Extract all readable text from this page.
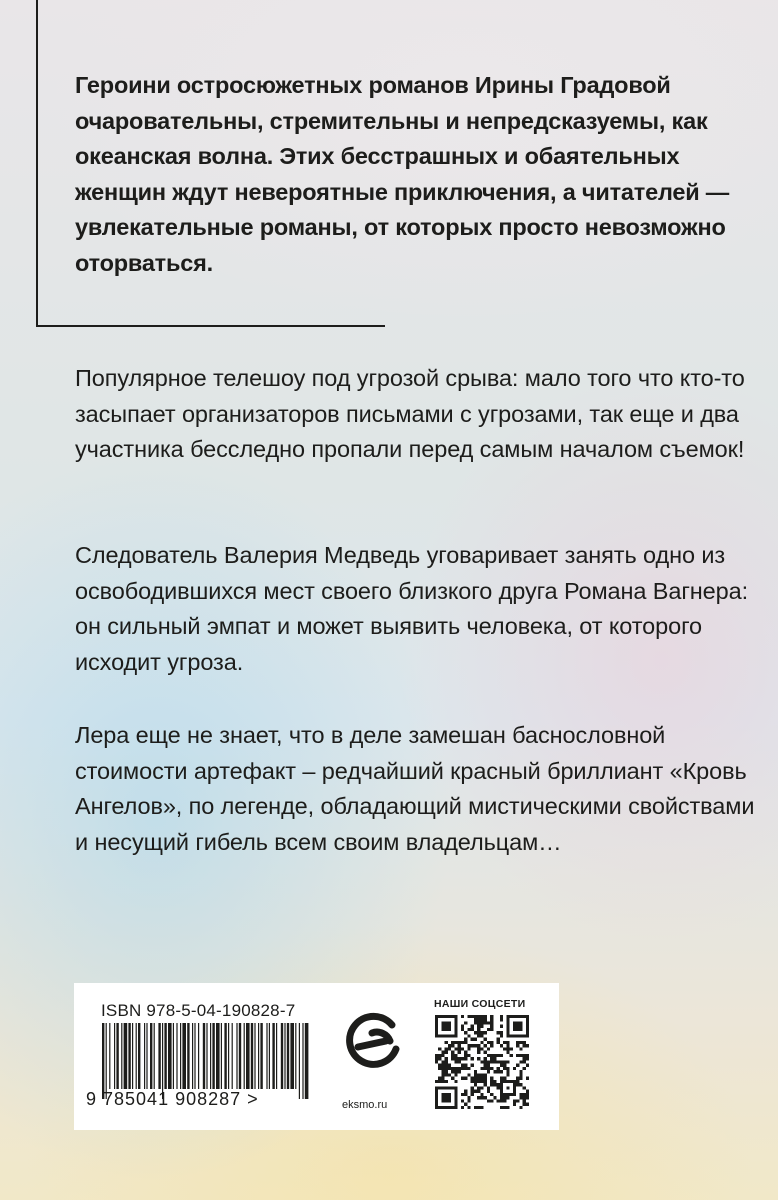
Героини остросюжетных романов Ирины Градовой очаровательны, стремительны и непредсказуемы, как океанская волна. Этих бесстрашных и обаятельных женщин ждут невероятные приключения, а читателей — увлекательные романы, от которых просто невозможно оторваться.

Популярное телешоу под угрозой срыва: мало того что кто-то засыпает организаторов письмами с угрозами, так еще и два участника бесследно пропали перед самым началом съемок!

Следователь Валерия Медведь уговаривает занять одно из освободившихся мест своего близкого друга Романа Вагнера: он сильный эмпат и может выявить человека, от которого исходит угроза.

Лера еще не знает, что в деле замешан баснословной стоимости артефакт – редчайший красный бриллиант «Кровь Ангелов», по легенде, обладающий мистическими свойствами и несущий гибель всем своим владельцам…

ISBN 978-5-04-190828-7
9 785041 908287 >	eksmo.ru
НАШИ СОЦСЕТИ
